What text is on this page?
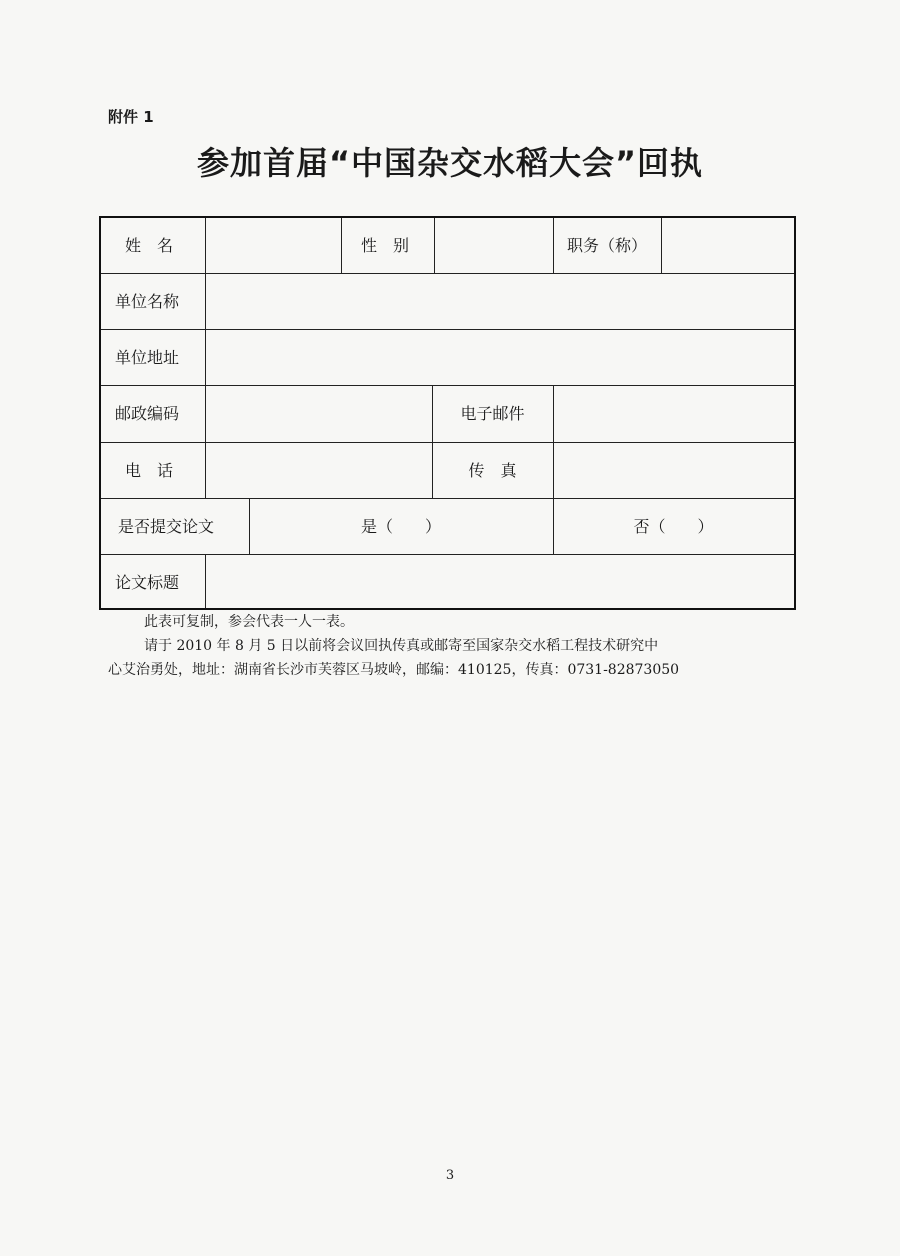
附件 1
参加首届“中国杂交水稻大会”回执
姓　名	性　别	职务（称）
单位名称
单位地址
邮政编码	电子邮件
电　话	传　真
是否提交论文	是（　　）	否（　　）
论文标题
此表可复制，参会代表一人一表。
请于 2010 年 8 月 5 日以前将会议回执传真或邮寄至国家杂交水稻工程技术研究中
心艾治勇处，地址：湖南省长沙市芙蓉区马坡岭，邮编：410125，传真：0731-82873050
3
